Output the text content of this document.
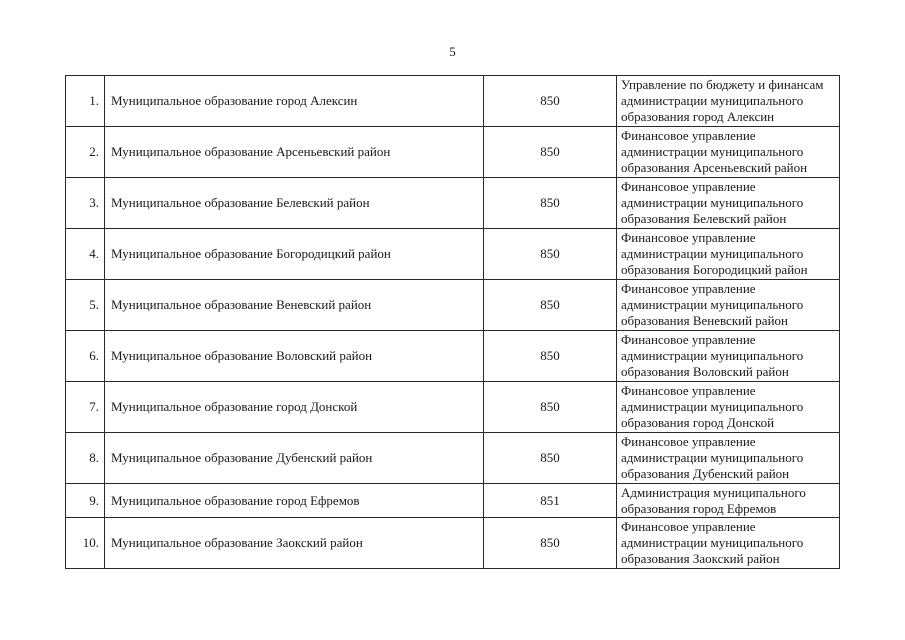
5
1.	Муниципальное образование город Алексин	850	Управление по бюджету и финансам
администрации муниципального
образования город Алексин

2.	Муниципальное образование Арсеньевский район	850	Финансовое управление
администрации муниципального
образования Арсеньевский район

3.	Муниципальное образование Белевский район	850	Финансовое управление
администрации муниципального
образования Белевский район

4.	Муниципальное образование Богородицкий район	850	Финансовое управление
администрации муниципального
образования Богородицкий район

5.	Муниципальное образование Веневский район	850	Финансовое управление
администрации муниципального
образования Веневский район

6.	Муниципальное образование Воловский район	850	Финансовое управление
администрации муниципального
образования Воловский район

7.	Муниципальное образование город Донской	850	Финансовое управление
администрации муниципального
образования город Донской

8.	Муниципальное образование Дубенский район	850	Финансовое управление
администрации муниципального
образования Дубенский район

9.	Муниципальное образование город Ефремов	851	Администрация муниципального
образования город Ефремов

10.	Муниципальное образование Заокский район	850	Финансовое управление
администрации муниципального
образования Заокский район
